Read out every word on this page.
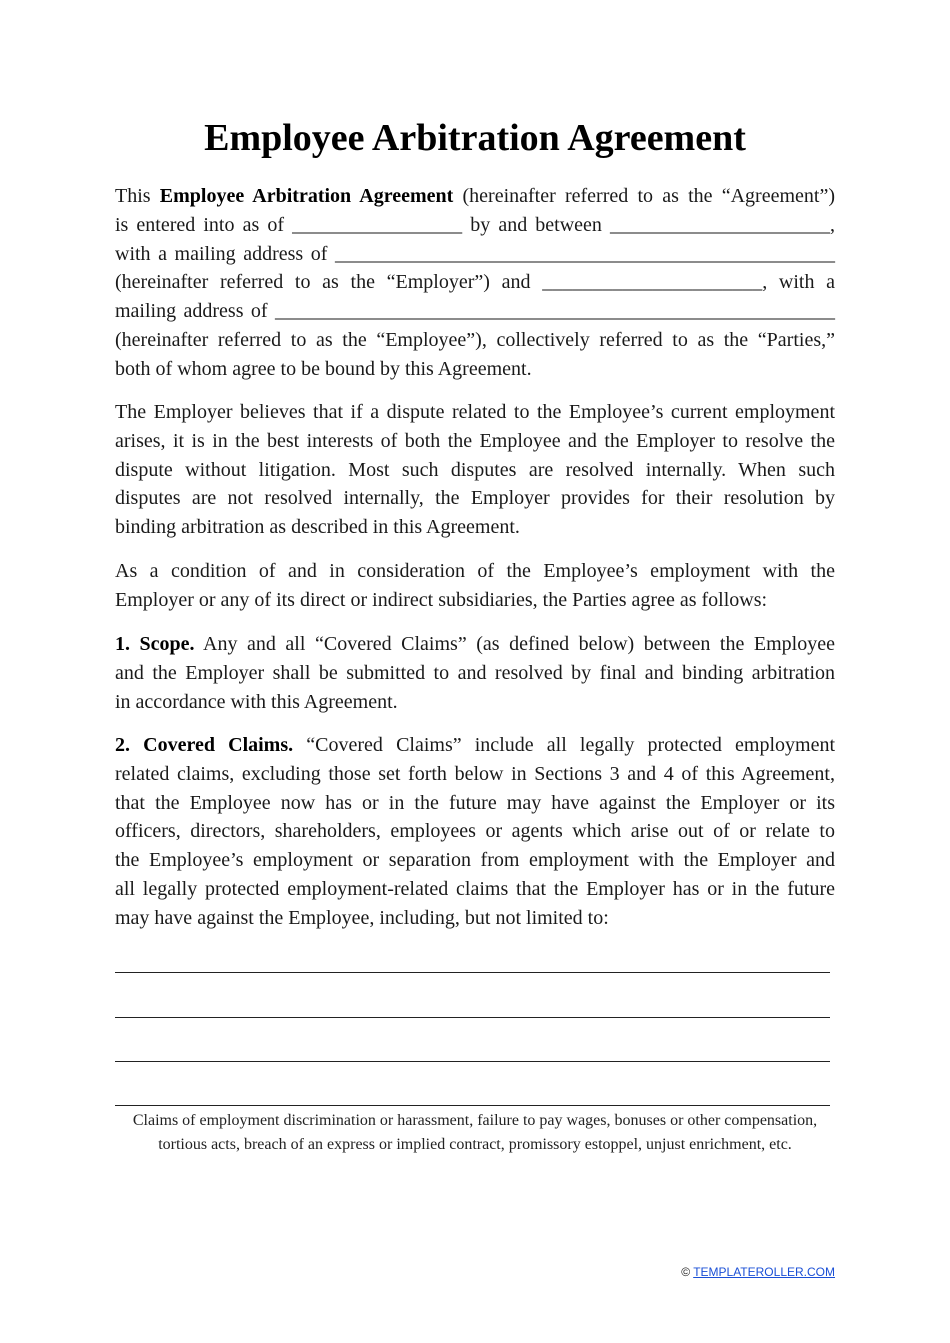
Employee Arbitration Agreement
This Employee Arbitration Agreement (hereinafter referred to as the “Agreement”)
is entered into as of _________________ by and between ______________________,
with a mailing address of __________________________________________________
(hereinafter referred to as the “Employer”) and ______________________, with a
mailing address of ________________________________________________________
(hereinafter referred to as the “Employee”), collectively referred to as the “Parties,”
both of whom agree to be bound by this Agreement.
The Employer believes that if a dispute related to the Employee’s current employment
arises, it is in the best interests of both the Employee and the Employer to resolve the
dispute without litigation. Most such disputes are resolved internally. When such
disputes are not resolved internally, the Employer provides for their resolution by
binding arbitration as described in this Agreement.
As a condition of and in consideration of the Employee’s employment with the
Employer or any of its direct or indirect subsidiaries, the Parties agree as follows:
1. Scope. Any and all “Covered Claims” (as defined below) between the Employee
and the Employer shall be submitted to and resolved by final and binding arbitration
in accordance with this Agreement.
2. Covered Claims. “Covered Claims” include all legally protected employment
related claims, excluding those set forth below in Sections 3 and 4 of this Agreement,
that the Employee now has or in the future may have against the Employer or its
officers, directors, shareholders, employees or agents which arise out of or relate to
the Employee’s employment or separation from employment with the Employer and
all legally protected employment-related claims that the Employer has or in the future
may have against the Employee, including, but not limited to:

Claims of employment discrimination or harassment, failure to pay wages, bonuses or other compensation, tortious acts, breach of an express or implied contract, promissory estoppel, unjust enrichment, etc.

© TEMPLATEROLLER.COM
